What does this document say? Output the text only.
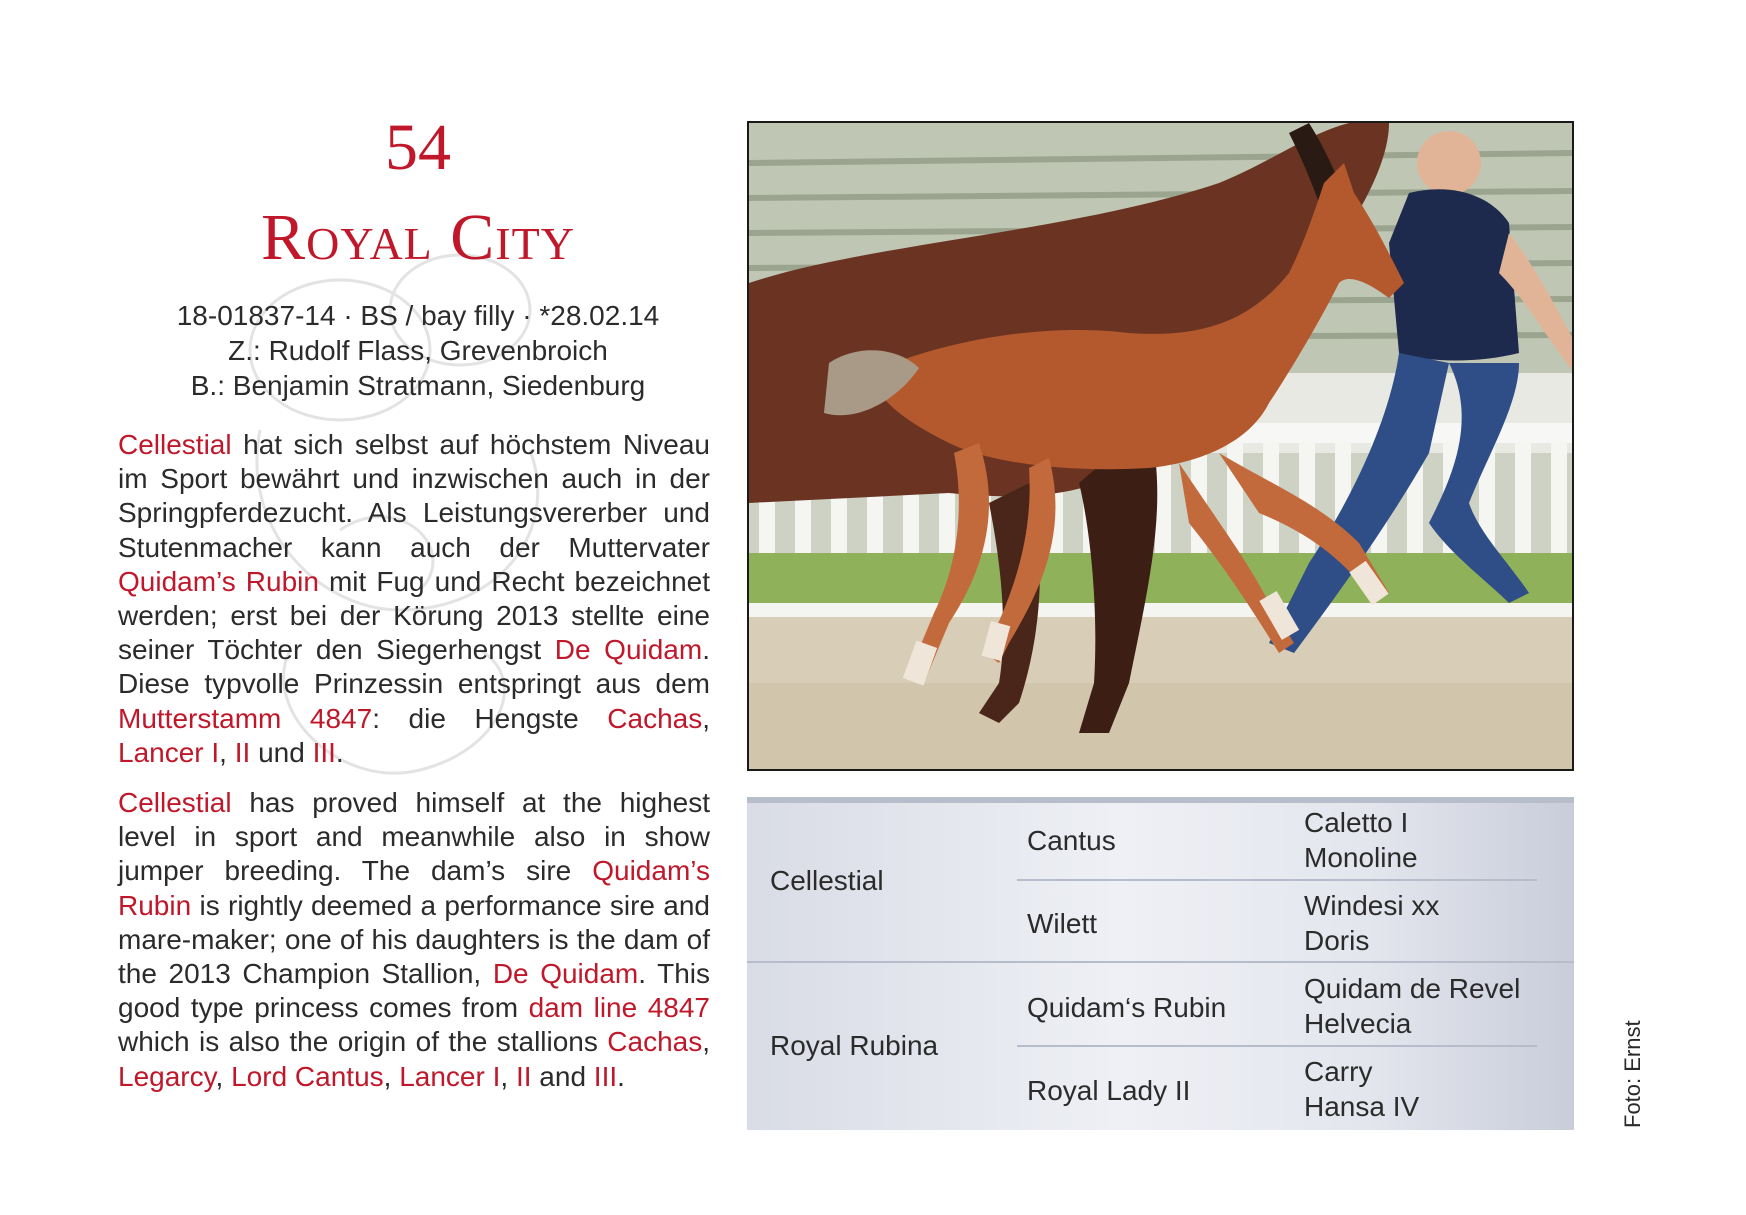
54
Royal City
18-01837-14 · BS / bay filly · *28.02.14
Z.: Rudolf Flass, Grevenbroich
B.: Benjamin Stratmann, Siedenburg

Cellestial hat sich selbst auf höchstem Niveau im Sport bewährt und inzwischen auch in der Springpferdezucht. Als Leistungsvererber und Stutenmacher kann auch der Muttervater Quidam’s Rubin mit Fug und Recht bezeichnet werden; erst bei der Körung 2013 stellte eine seiner Töchter den Siegerhengst De Quidam. Diese typvolle Prinzessin entspringt aus dem Mutterstamm 4847: die Hengste Cachas, Lancer I, II und III.

Cellestial has proved himself at the highest level in sport and meanwhile also in show jumper breeding. The dam’s sire Quidam’s Rubin is rightly deemed a performance sire and mare-maker; one of his daughters is the dam of the 2013 Champion Stallion, De Quidam. This good type princess comes from dam line 4847 which is also the origin of the stallions Cachas, Legarcy, Lord Cantus, Lancer I, II and III.

Cellestial
Royal Rubina
Cantus
Wilett
Quidam‘s Rubin
Royal Lady II
Caletto I
Monoline
Windesi xx
Doris
Quidam de Revel
Helvecia
Carry
Hansa IV	Foto: Ernst
